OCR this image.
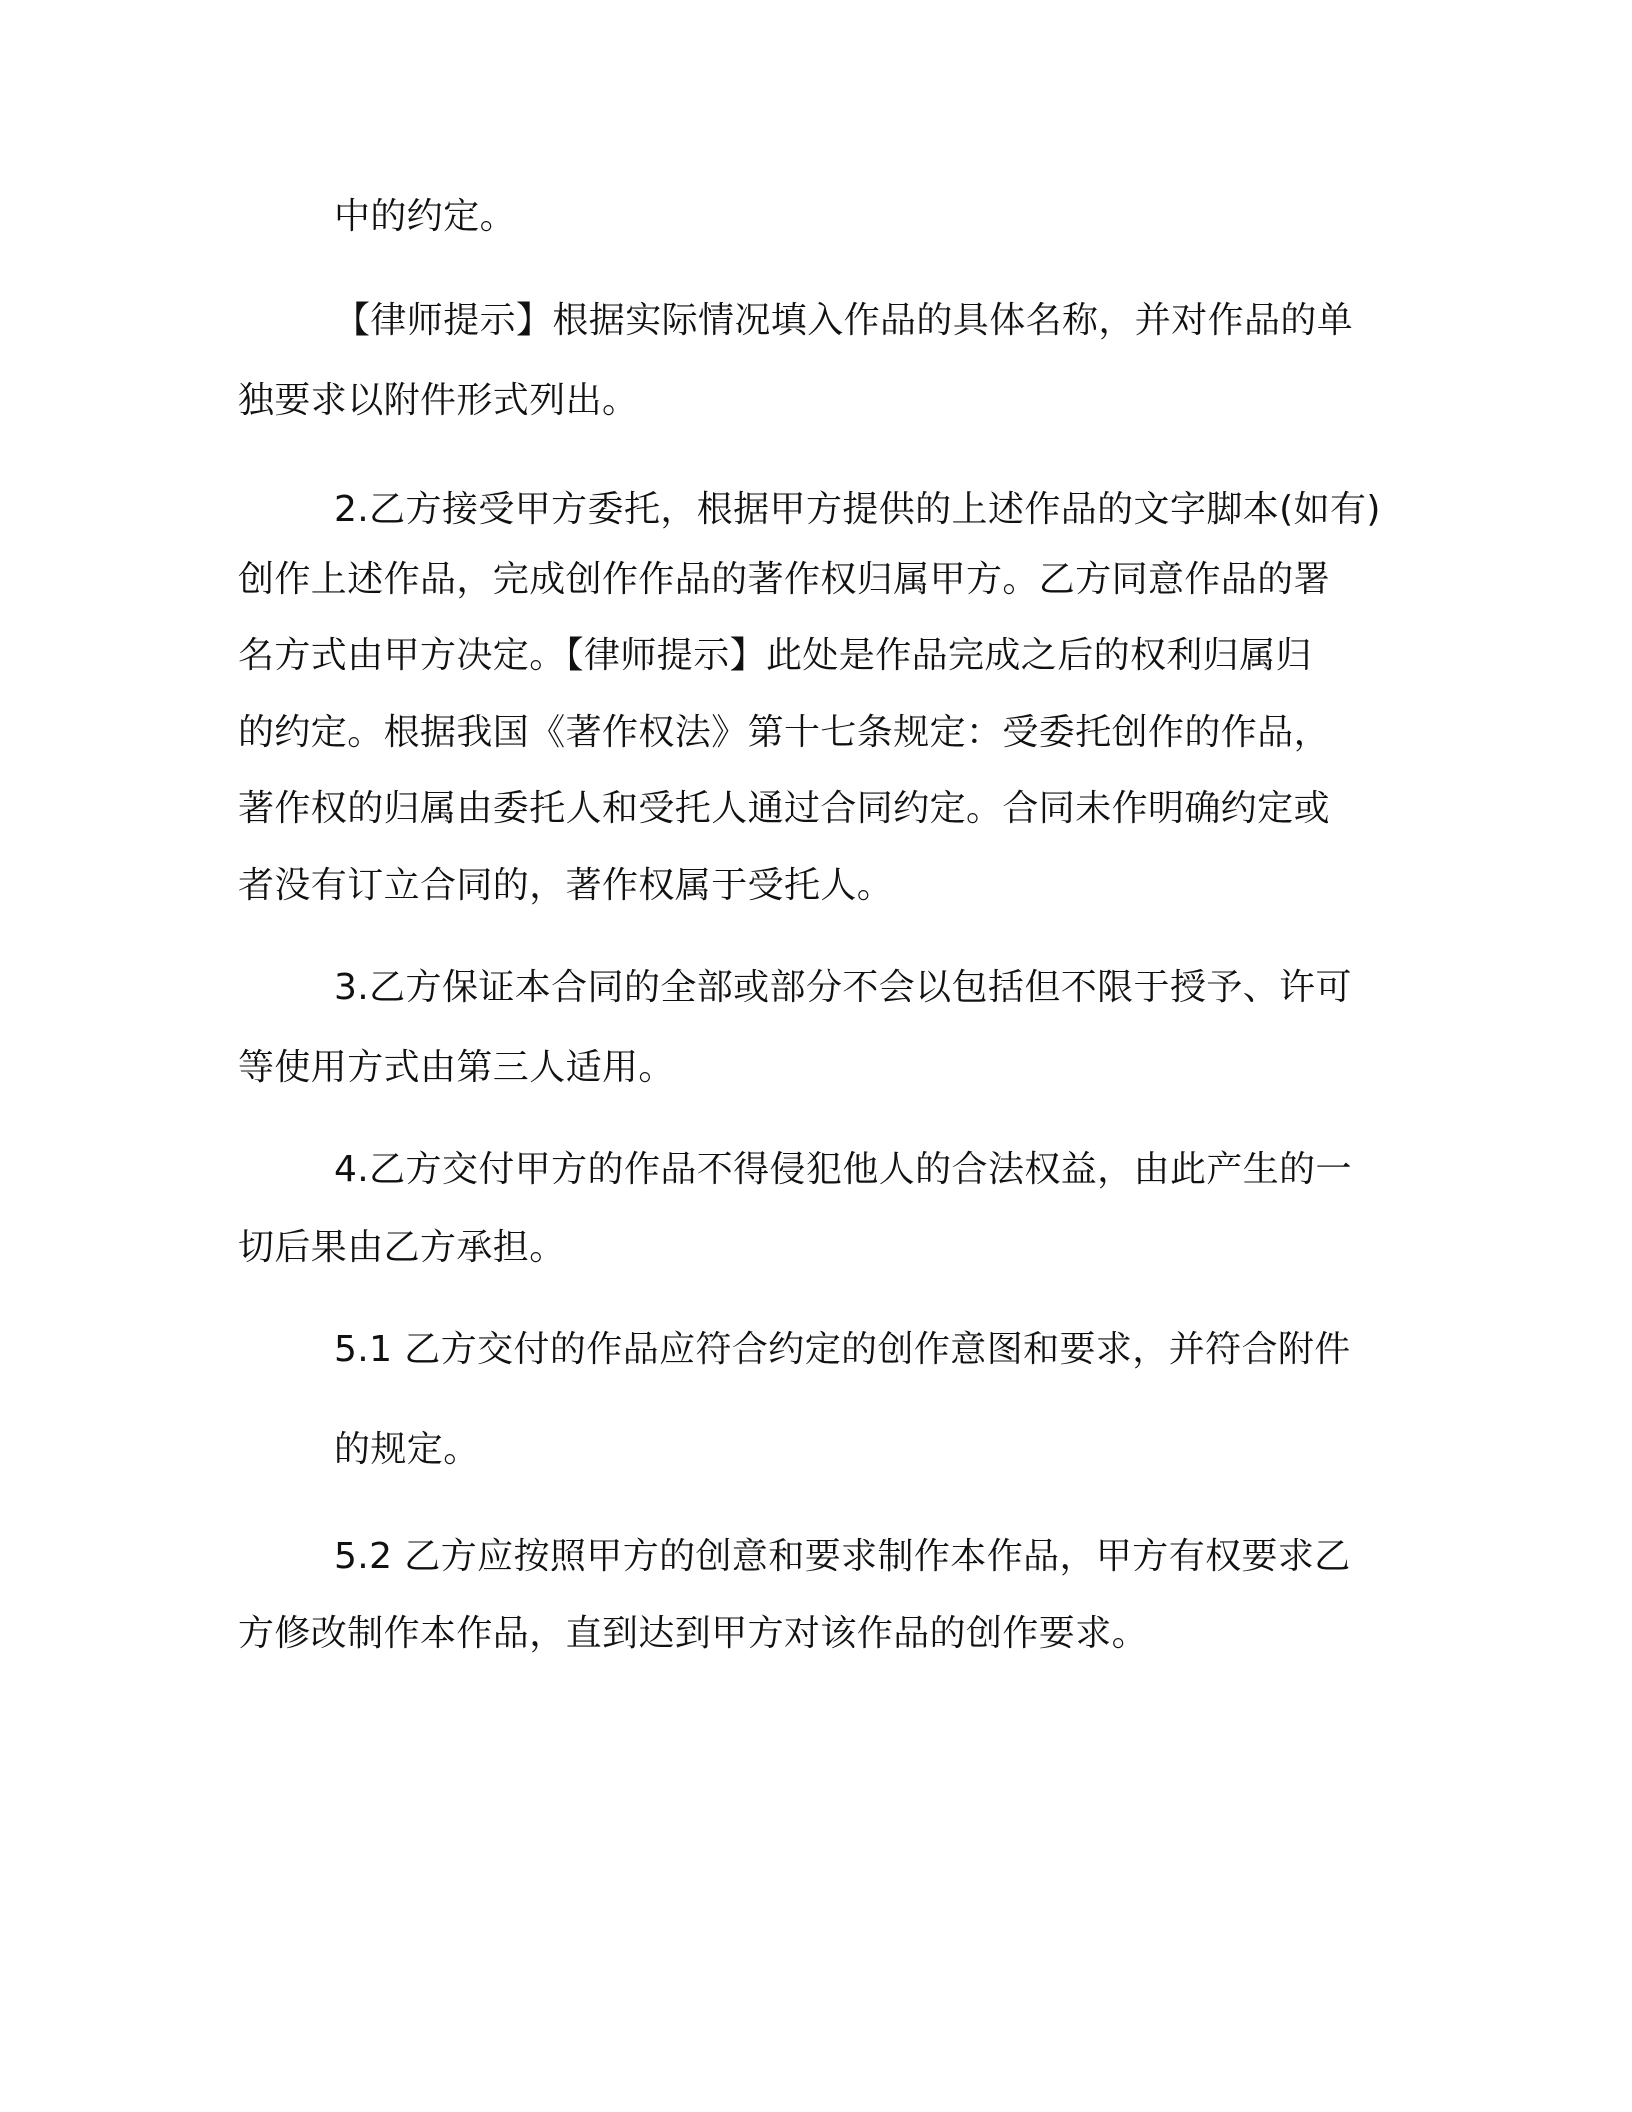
中的约定。
【律师提示】根据实际情况填入作品的具体名称，并对作品的单
独要求以附件形式列出。
2.乙方接受甲方委托，根据甲方提供的上述作品的文字脚本(如有)
创作上述作品，完成创作作品的著作权归属甲方。乙方同意作品的署
名方式由甲方决定。【律师提示】此处是作品完成之后的权利归属归
的约定。根据我国《著作权法》第十七条规定：受委托创作的作品，
著作权的归属由委托人和受托人通过合同约定。合同未作明确约定或
者没有订立合同的，著作权属于受托人。
3.乙方保证本合同的全部或部分不会以包括但不限于授予、许可
等使用方式由第三人适用。
4.乙方交付甲方的作品不得侵犯他人的合法权益，由此产生的一
切后果由乙方承担。
5.1 乙方交付的作品应符合约定的创作意图和要求，并符合附件
的规定。
5.2 乙方应按照甲方的创意和要求制作本作品，甲方有权要求乙
方修改制作本作品，直到达到甲方对该作品的创作要求。
